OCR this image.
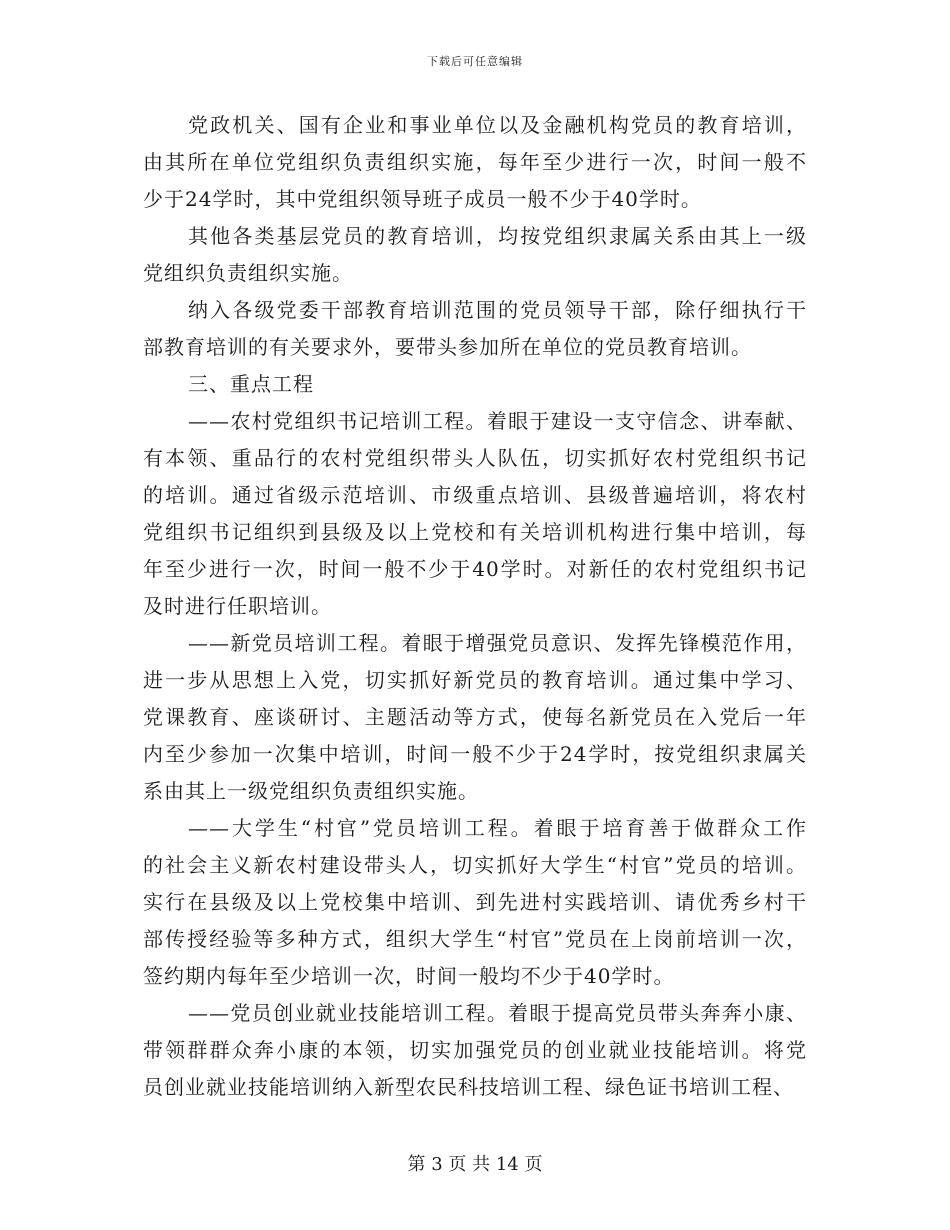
下载后可任意编辑
党政机关、国有企业和事业单位以及金融机构党员的教育培训，
由其所在单位党组织负责组织实施，每年至少进行一次，时间一般不
少于24学时，其中党组织领导班子成员一般不少于40学时。
其他各类基层党员的教育培训，均按党组织隶属关系由其上一级
党组织负责组织实施。
纳入各级党委干部教育培训范围的党员领导干部，除仔细执行干
部教育培训的有关要求外，要带头参加所在单位的党员教育培训。
三、重点工程
——农村党组织书记培训工程。着眼于建设一支守信念、讲奉献、
有本领、重品行的农村党组织带头人队伍，切实抓好农村党组织书记
的培训。通过省级示范培训、市级重点培训、县级普遍培训，将农村
党组织书记组织到县级及以上党校和有关培训机构进行集中培训，每
年至少进行一次，时间一般不少于40学时。对新任的农村党组织书记
及时进行任职培训。
——新党员培训工程。着眼于增强党员意识、发挥先锋模范作用，
进一步从思想上入党，切实抓好新党员的教育培训。通过集中学习、
党课教育、座谈研讨、主题活动等方式，使每名新党员在入党后一年
内至少参加一次集中培训，时间一般不少于24学时，按党组织隶属关
系由其上一级党组织负责组织实施。
——大学生“村官”党员培训工程。着眼于培育善于做群众工作
的社会主义新农村建设带头人，切实抓好大学生“村官”党员的培训。
实行在县级及以上党校集中培训、到先进村实践培训、请优秀乡村干
部传授经验等多种方式，组织大学生“村官”党员在上岗前培训一次，
签约期内每年至少培训一次，时间一般均不少于40学时。
——党员创业就业技能培训工程。着眼于提高党员带头奔奔小康、
带领群群众奔小康的本领，切实加强党员的创业就业技能培训。将党
员创业就业技能培训纳入新型农民科技培训工程、绿色证书培训工程、
第 3 页 共 14 页
